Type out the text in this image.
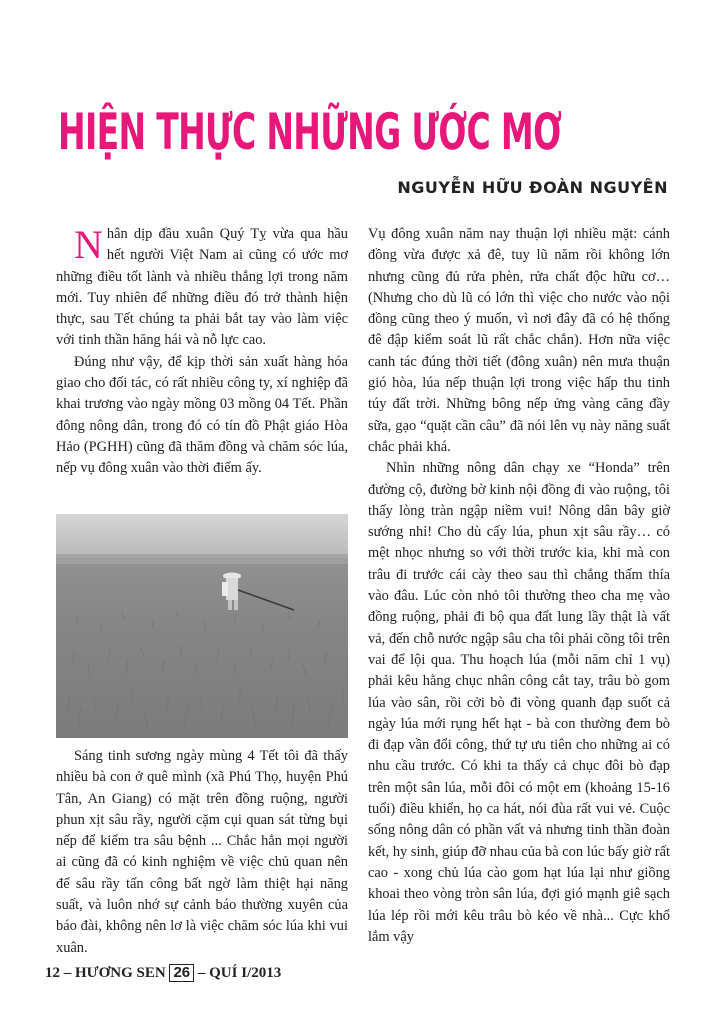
HIỆN THỰC NHỮNG ƯỚC MƠ
NGUYỄN HỮU ĐOÀN NGUYÊN

Nhân dịp đầu xuân Quý Tỵ vừa qua hầu hết người Việt Nam ai cũng có ước mơ những điều tốt lành và nhiều thắng lợi trong năm mới. Tuy nhiên để những điều đó trở thành hiện thực, sau Tết chúng ta phải bắt tay vào làm việc với tinh thần hăng hái và nỗ lực cao.

Đúng như vậy, để kịp thời sản xuất hàng hóa giao cho đối tác, có rất nhiều công ty, xí nghiệp đã khai trương vào ngày mồng 03 mồng 04 Tết. Phần đông nông dân, trong đó có tín đồ Phật giáo Hòa Hảo (PGHH) cũng đã thăm đồng và chăm sóc lúa, nếp vụ đông xuân vào thời điểm ấy.

Sáng tinh sương ngày mùng 4 Tết tôi đã thấy nhiều bà con ở quê mình (xã Phú Thọ, huyện Phú Tân, An Giang) có mặt trên đồng ruộng, người phun xịt sâu rầy, người cặm cụi quan sát từng bụi nếp để kiểm tra sâu bệnh ... Chắc hẳn mọi người ai cũng đã có kinh nghiệm về việc chủ quan nên để sâu rầy tấn công bất ngờ làm thiệt hại năng suất, và luôn nhớ sự cảnh báo thường xuyên của báo đài, không nên lơ là việc chăm sóc lúa khi vui xuân.

Vụ đông xuân năm nay thuận lợi nhiều mặt: cánh đồng vừa được xả đê, tuy lũ năm rồi không lớn nhưng cũng đủ rửa phèn, rửa chất độc hữu cơ… (Nhưng cho dù lũ có lớn thì việc cho nước vào nội đồng cũng theo ý muốn, vì nơi đây đã có hệ thống đê đập kiểm soát lũ rất chắc chắn). Hơn nữa việc canh tác đúng thời tiết (đông xuân) nên mưa thuận gió hòa, lúa nếp thuận lợi trong việc hấp thu tinh túy đất trời. Những bông nếp ửng vàng căng đầy sữa, gạo “quặt cần câu” đã nói lên vụ này năng suất chắc phải khá.

Nhìn những nông dân chạy xe “Honda” trên đường cộ, đường bờ kinh nội đồng đi vào ruộng, tôi thấy lòng tràn ngập niềm vui! Nông dân bây giờ sướng nhỉ! Cho dù cấy lúa, phun xịt sâu rầy… có mệt nhọc nhưng so với thời trước kia, khi mà con trâu đi trước cái cày theo sau thì chẳng thấm thía vào đâu. Lúc còn nhỏ tôi thường theo cha mẹ vào đồng ruộng, phải đi bộ qua đất lung lầy thật là vất vả, đến chỗ nước ngập sâu cha tôi phải cõng tôi trên vai để lội qua. Thu hoạch lúa (mỗi năm chỉ 1 vụ) phải kêu hằng chục nhân công cắt tay, trâu bò gom lúa vào sân, rồi cởi bò đi vòng quanh đạp suốt cả ngày lúa mới rụng hết hạt - bà con thường đem bò đi đạp vần đổi công, thứ tự ưu tiên cho những ai có nhu cầu trước. Có khi ta thấy cả chục đôi bò đạp trên một sân lúa, mỗi đôi có một em (khoảng 15-16 tuổi) điều khiển, họ ca hát, nói đùa rất vui vẻ. Cuộc sống nông dân có phần vất vả nhưng tinh thần đoàn kết, hy sinh, giúp đỡ nhau của bà con lúc bấy giờ rất cao - xong chủ lúa cào gom hạt lúa lại như giồng khoai theo vòng tròn sân lúa, đợi gió mạnh giê sạch lúa lép rồi mới kêu trâu bò kéo về nhà... Cực khổ lắm vậy

12 – HƯƠNG SEN 26 – QUÍ I/2013
